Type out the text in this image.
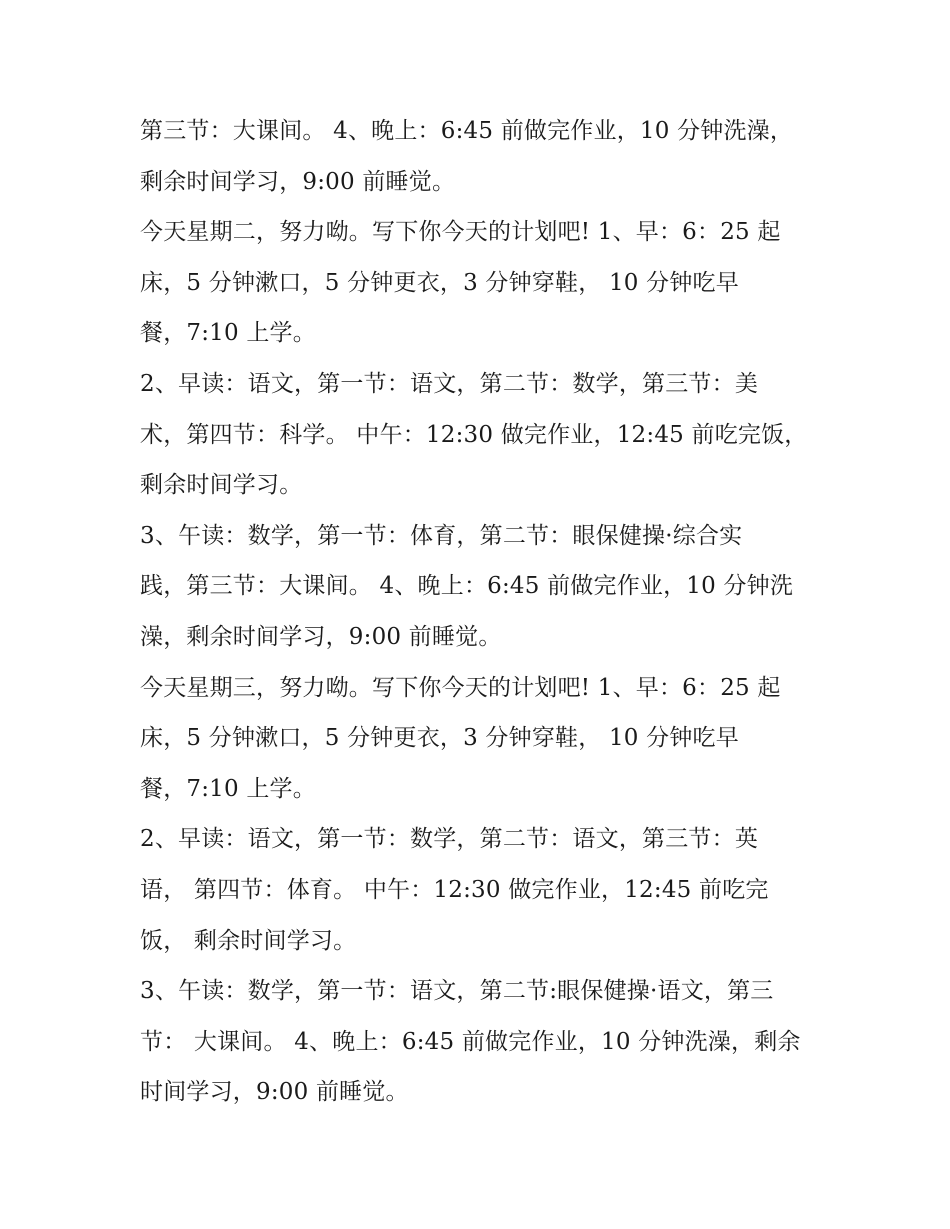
第三节：大课间。 4、晚上：6:45 前做完作业，10 分钟洗澡，
剩余时间学习，9:00 前睡觉。
今天星期二，努力呦。写下你今天的计划吧! 1、早：6：25 起
床，5 分钟漱口，5 分钟更衣，3 分钟穿鞋， 10 分钟吃早
餐，7:10 上学。
2、早读：语文，第一节：语文，第二节：数学，第三节：美
术，第四节：科学。 中午：12:30 做完作业，12:45 前吃完饭，
剩余时间学习。
3、午读：数学，第一节：体育，第二节：眼保健操·综合实
践，第三节：大课间。 4、晚上：6:45 前做完作业，10 分钟洗
澡，剩余时间学习，9:00 前睡觉。
今天星期三，努力呦。写下你今天的计划吧! 1、早：6：25 起
床，5 分钟漱口，5 分钟更衣，3 分钟穿鞋， 10 分钟吃早
餐，7:10 上学。
2、早读：语文，第一节：数学，第二节：语文，第三节：英
语， 第四节：体育。 中午：12:30 做完作业，12:45 前吃完
饭， 剩余时间学习。
3、午读：数学，第一节：语文，第二节:眼保健操·语文，第三
节： 大课间。 4、晚上：6:45 前做完作业，10 分钟洗澡，剩余
时间学习，9:00 前睡觉。
